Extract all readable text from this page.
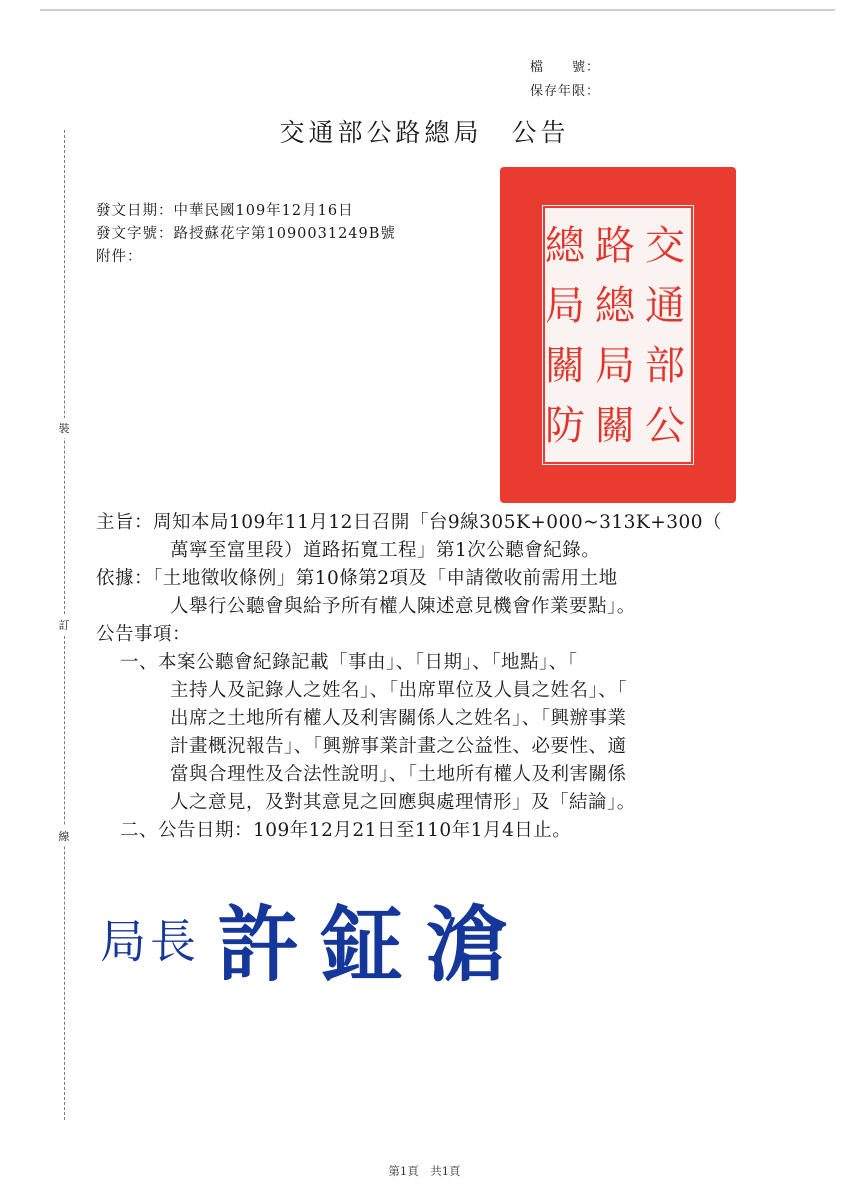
檔　　號：
保存年限：
裝
訂
線
交通部公路總局　公告
發文日期：中華民國109年12月16日
發文字號：路授蘇花字第1090031249B號
附件：	交
通
部
公
路
總
局
關
總
局
關
防
主旨：周知本局109年11月12日召開「台9線305K+000~313K+300（
萬寧至富里段）道路拓寬工程」第1次公聽會紀錄。
依據：「土地徵收條例」第10條第2項及「申請徵收前需用土地
人舉行公聽會與給予所有權人陳述意見機會作業要點」。
公告事項：
一、本案公聽會紀錄記載「事由」、「日期」、「地點」、「
主持人及記錄人之姓名」、「出席單位及人員之姓名」、「
出席之土地所有權人及利害關係人之姓名」、「興辦事業
計畫概況報告」、「興辦事業計畫之公益性、必要性、適
當與合理性及合法性說明」、「土地所有權人及利害關係
人之意見，及對其意見之回應與處理情形」及「結論」。
二、公告日期：109年12月21日至110年1月4日止。
局長 許鉦滄
第1頁　共1頁
